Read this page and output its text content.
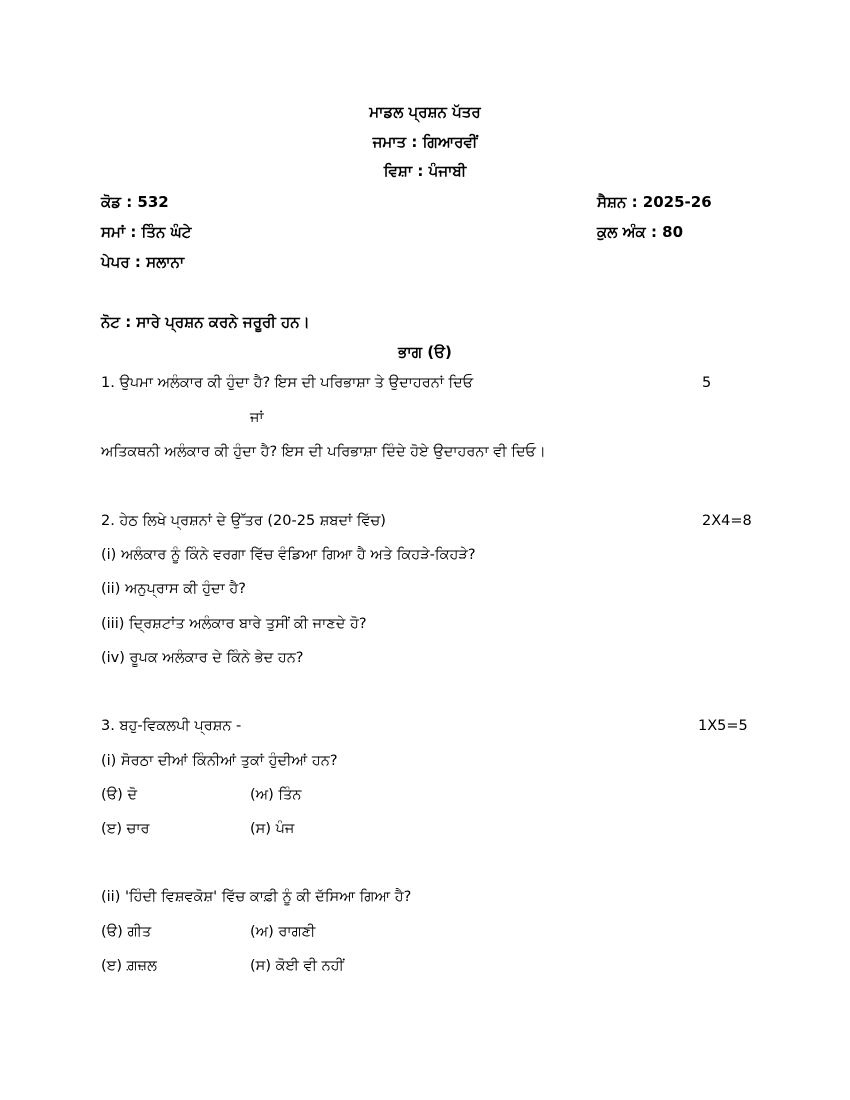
ਮਾਡਲ ਪ੍ਰਸ਼ਨ ਪੱਤਰ
ਜਮਾਤ : ਗਿਆਰਵੀਂ
ਵਿਸ਼ਾ : ਪੰਜਾਬੀ
ਕੋਡ : 532	ਸੈਸ਼ਨ : 2025-26
ਸਮਾਂ : ਤਿੰਨ ਘੰਟੇ	ਕੁਲ ਅੰਕ : 80
ਪੇਪਰ : ਸਲਾਨਾ
ਨੋਟ : ਸਾਰੇ ਪ੍ਰਸ਼ਨ ਕਰਨੇ ਜਰੂਰੀ ਹਨ।
ਭਾਗ (ੳ)
1. ਉਪਮਾ ਅਲੰਕਾਰ ਕੀ ਹੁੰਦਾ ਹੈ? ਇਸ ਦੀ ਪਰਿਭਾਸ਼ਾ ਤੇ ਉਦਾਹਰਨਾਂ ਦਿਓ	5
ਜਾਂ
ਅਤਿਕਥਨੀ ਅਲੰਕਾਰ ਕੀ ਹੁੰਦਾ ਹੈ? ਇਸ ਦੀ ਪਰਿਭਾਸ਼ਾ ਦਿੰਦੇ ਹੋਏ ਉਦਾਹਰਨਾ ਵੀ ਦਿਓ।
2. ਹੇਠ ਲਿਖੇ ਪ੍ਰਸ਼ਨਾਂ ਦੇ ਉੱਤਰ (20-25 ਸ਼ਬਦਾਂ ਵਿੱਚ)	2X4=8
(i) ਅਲੰਕਾਰ ਨੂੰ ਕਿੰਨੇ ਵਰਗਾ ਵਿੱਚ ਵੰਡਿਆ ਗਿਆ ਹੈ ਅਤੇ ਕਿਹੜੇ-ਕਿਹੜੇ?
(ii) ਅਨੁਪ੍ਰਾਸ ਕੀ ਹੁੰਦਾ ਹੈ?
(iii) ਦ੍ਰਿਸ਼ਟਾਂਤ ਅਲੰਕਾਰ ਬਾਰੇ ਤੁਸੀਂ ਕੀ ਜਾਣਦੇ ਹੋ?
(iv) ਰੂਪਕ ਅਲੰਕਾਰ ਦੇ ਕਿੰਨੇ ਭੇਦ ਹਨ?
3. ਬਹੁ-ਵਿਕਲਪੀ ਪ੍ਰਸ਼ਨ -	1X5=5
(i) ਸੋਰਠਾ ਦੀਆਂ ਕਿੰਨੀਆਂ ਤੁਕਾਂ ਹੁੰਦੀਆਂ ਹਨ?
(ੳ) ਦੋ	(ਅ) ਤਿੰਨ
(ੲ) ਚਾਰ	(ਸ) ਪੰਜ
(ii) 'ਹਿੰਦੀ ਵਿਸ਼ਵਕੋਸ਼' ਵਿੱਚ ਕਾਫ਼ੀ ਨੂੰ ਕੀ ਦੱਸਿਆ ਗਿਆ ਹੈ?
(ੳ) ਗੀਤ	(ਅ) ਰਾਗਣੀ
(ੲ) ਗ਼ਜ਼ਲ	(ਸ) ਕੋਈ ਵੀ ਨਹੀਂ
